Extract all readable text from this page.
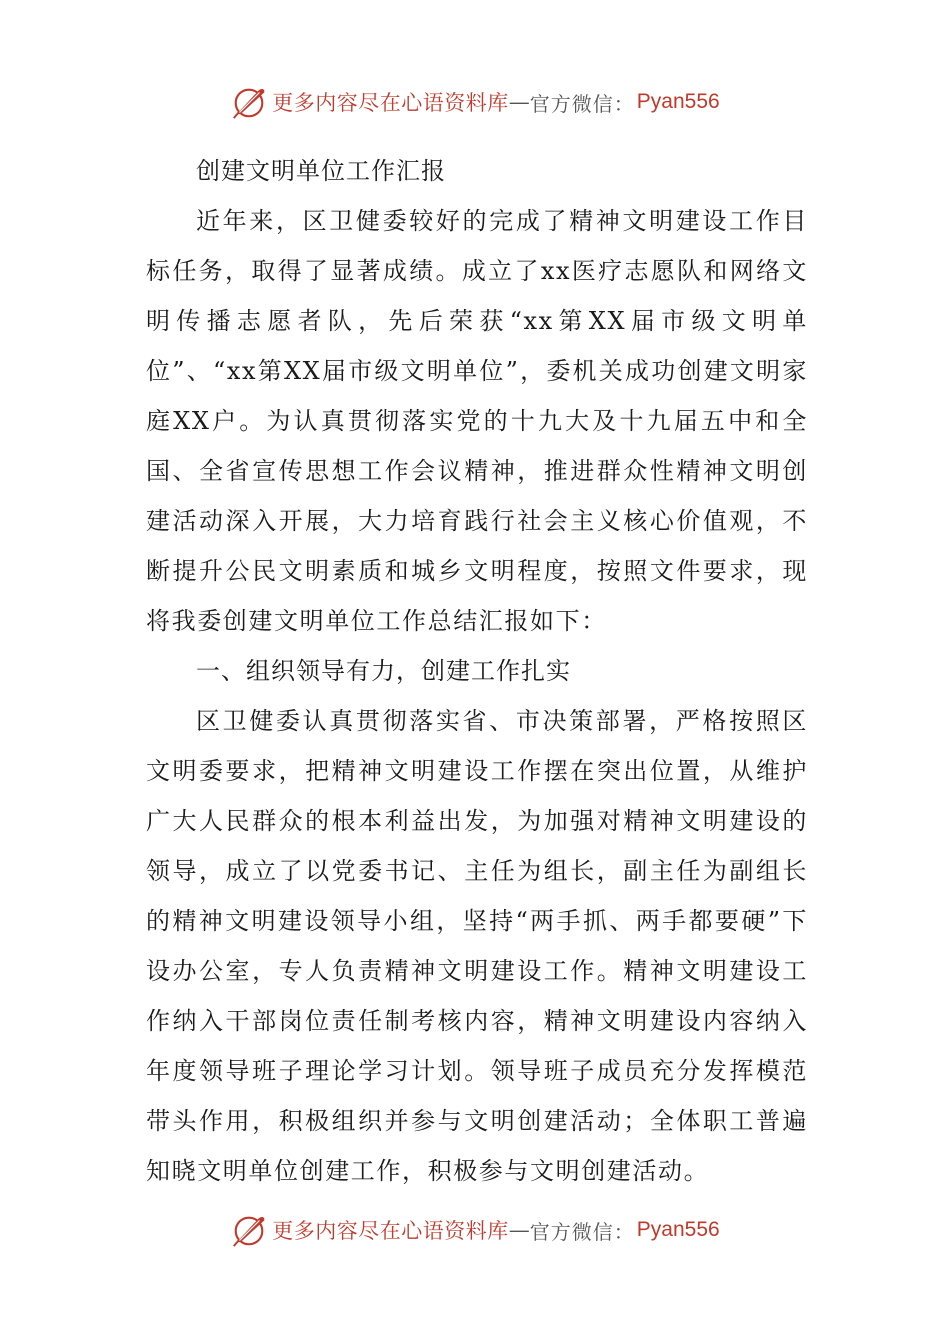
更多内容尽在心语资料库 — 官方微信： Pyan556
创建文明单位工作汇报

近年来，区卫健委较好的完成了精神文明建设工作目标任务，取得了显著成绩。成立了xx医疗志愿队和网络文明传播志愿者队，先后荣获“xx第XX届市级文明单位”、“xx第XX届市级文明单位”，委机关成功创建文明家庭XX户。为认真贯彻落实党的十九大及十九届五中和全国、全省宣传思想工作会议精神，推进群众性精神文明创建活动深入开展，大力培育践行社会主义核心价值观，不断提升公民文明素质和城乡文明程度，按照文件要求，现将我委创建文明单位工作总结汇报如下：

一、组织领导有力，创建工作扎实

区卫健委认真贯彻落实省、市决策部署，严格按照区文明委要求，把精神文明建设工作摆在突出位置，从维护广大人民群众的根本利益出发，为加强对精神文明建设的领导，成立了以党委书记、主任为组长，副主任为副组长的精神文明建设领导小组，坚持“两手抓、两手都要硬”下设办公室，专人负责精神文明建设工作。精神文明建设工作纳入干部岗位责任制考核内容，精神文明建设内容纳入年度领导班子理论学习计划。领导班子成员充分发挥模范带头作用，积极组织并参与文明创建活动；全体职工普遍知晓文明单位创建工作，积极参与文明创建活动。

更多内容尽在心语资料库 — 官方微信： Pyan556
